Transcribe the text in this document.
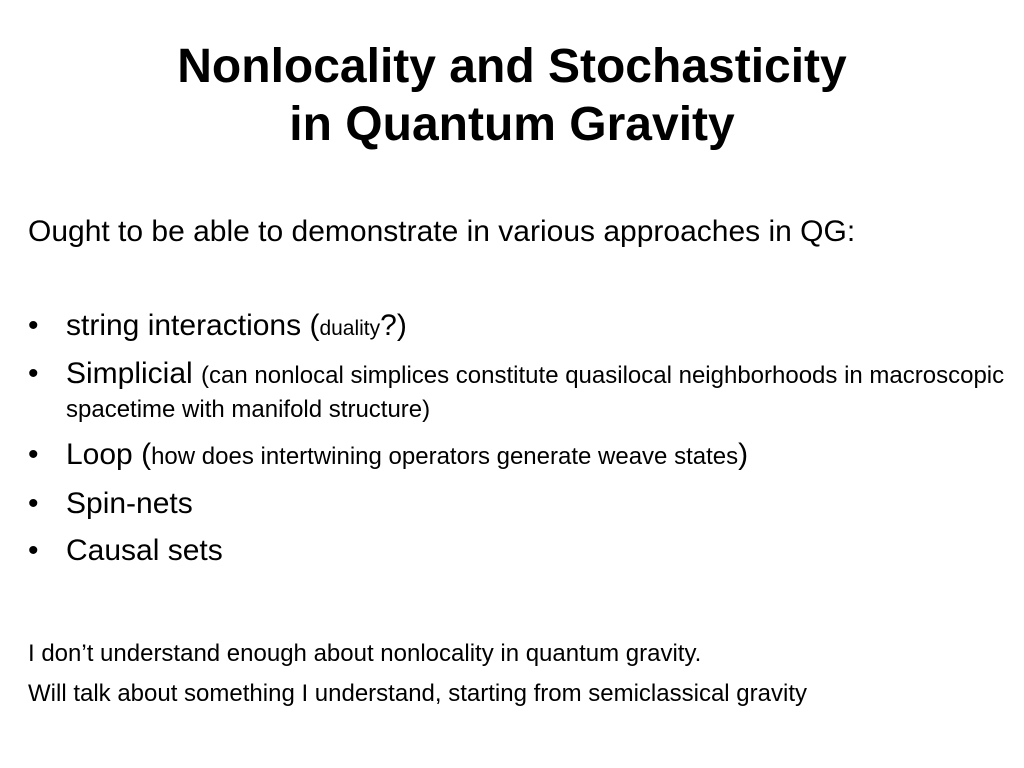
Nonlocality and Stochasticity
in Quantum Gravity
Ought to be able to demonstrate in various approaches in QG:
• string interactions (duality?)
• Simplicial (can nonlocal simplices constitute quasilocal neighborhoods in macroscopic spacetime with manifold structure)
• Loop (how does intertwining operators generate weave states)
• Spin-nets
• Causal sets
I don’t understand enough about nonlocality in quantum gravity.
Will talk about something I understand, starting from semiclassical gravity
